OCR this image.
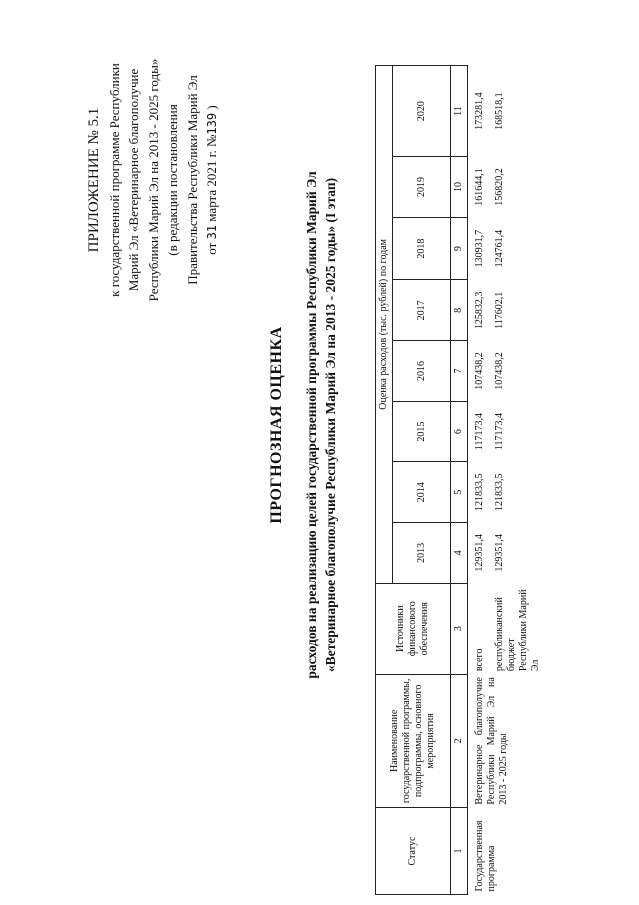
ПРИЛОЖЕНИЕ № 5.1 к государственной программе Республики Марий Эл «Ветеринарное благополучие Республики Марий Эл на 2013 - 2025 годы» (в редакции постановления Правительства Республики Марий Эл от 31 марта 2021 г. №139 )
ПРОГНОЗНАЯ ОЦЕНКА расходов на реализацию целей государственной программы Республики Марий Эл «Ветеринарное благополучие Республики Марий Эл на 2013 - 2025 годы» (I этап)
Статус	Наименование государственной программы, подпрограммы, основного мероприятия	Источники финансового обеспечения	Оценка расходов (тыс. рублей) по годам							
			2013	2014	2015	2016	2017	2018	2019	2020
1	2	3	4	5	6	7	8	9	10	11
Государственная программа	Ветеринарное благополучие Республики Марий Эл на 2013 - 2025 годы	всего	129351,4	121833,5	117173,4	107438,2	125832,3	130931,7	161644,1	173281,4
		республиканский бюджет Республики Марий Эл	129351,4	121833,5	117173,4	107438,2	117602,1	124761,4	156820,2	168518,1
